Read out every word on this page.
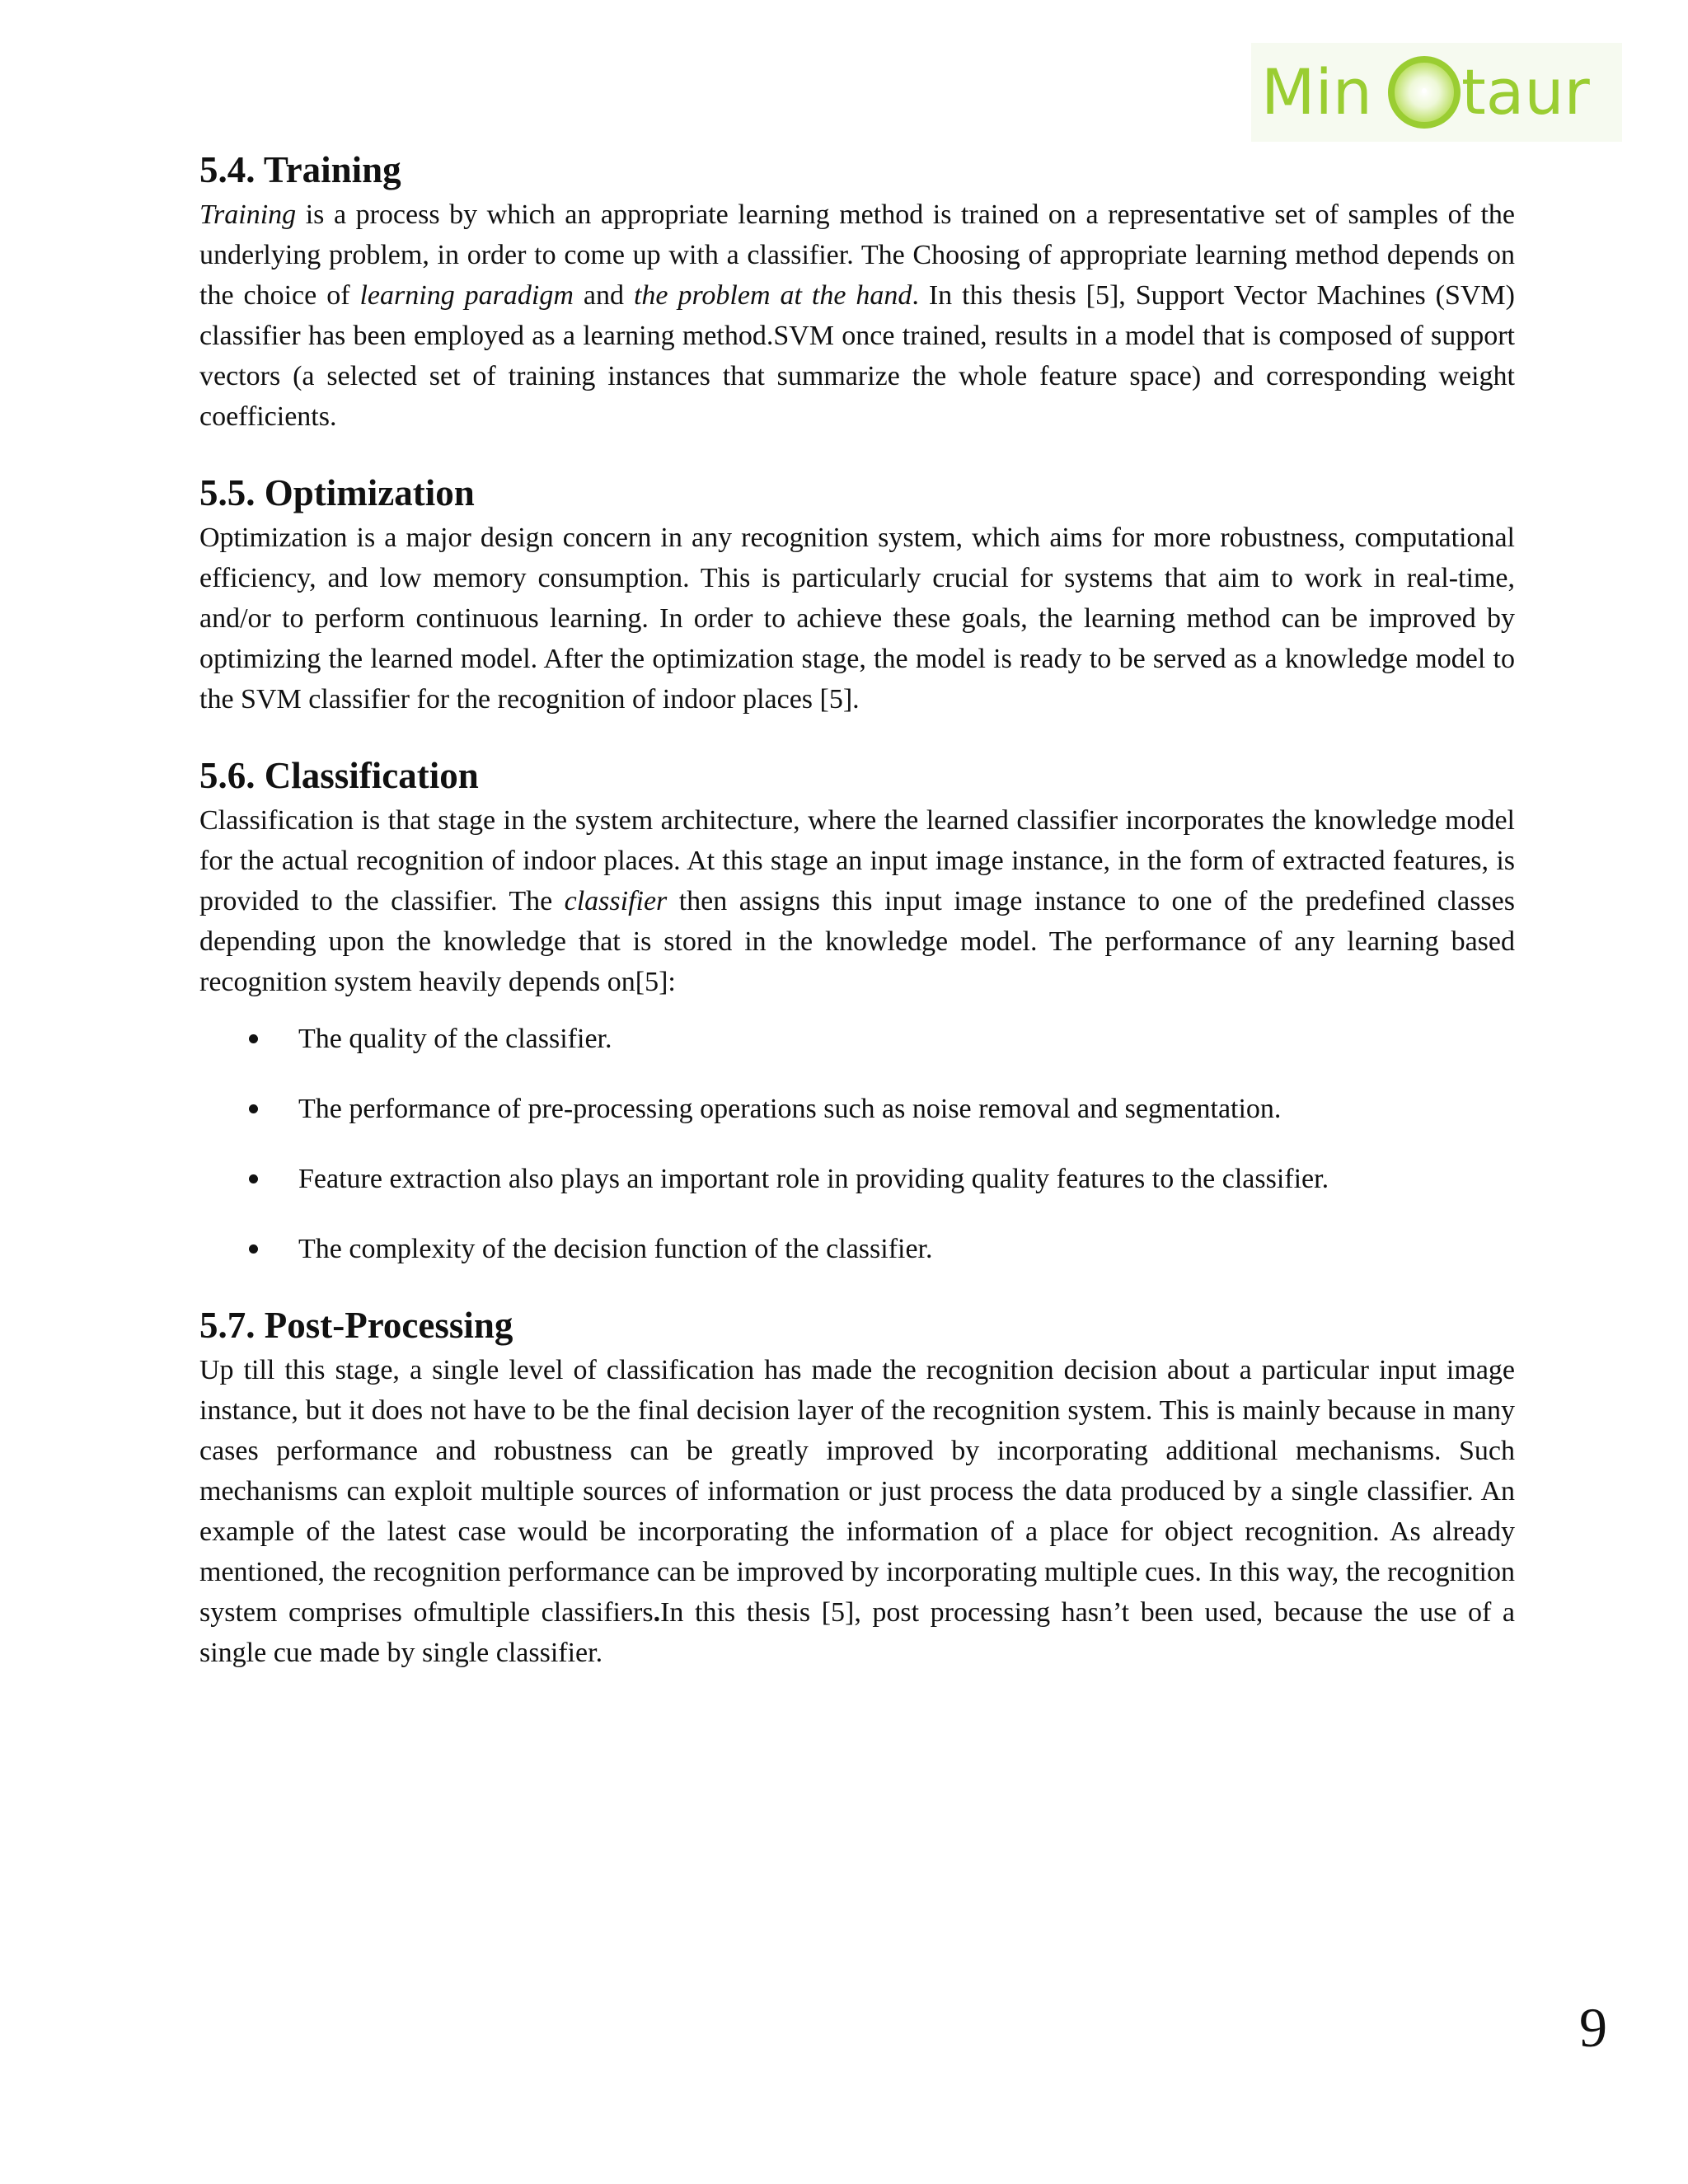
Min taur
5.4. Training

Training is a process by which an appropriate learning method is trained on a representative set of samples of the underlying problem, in order to come up with a classifier. The Choosing of appropriate learning method depends on the choice of learning paradigm and the problem at the hand. In this thesis [5], Support Vector Machines (SVM) classifier has been employed as a learning method.SVM once trained, results in a model that is composed of support vectors (a selected set of training instances that summarize the whole feature space) and corresponding weight coefficients.

5.5. Optimization

Optimization is a major design concern in any recognition system, which aims for more robustness, computational efficiency, and low memory consumption. This is particularly crucial for systems that aim to work in real-time, and/or to perform continuous learning. In order to achieve these goals, the learning method can be improved by optimizing the learned model. After the optimization stage, the model is ready to be served as a knowledge model to the SVM classifier for the recognition of indoor places [5].

5.6. Classification

Classification is that stage in the system architecture, where the learned classifier incorporates the knowledge model for the actual recognition of indoor places. At this stage an input image instance, in the form of extracted features, is provided to the classifier. The classifier then assigns this input image instance to one of the predefined classes depending upon the knowledge that is stored in the knowledge model. The performance of any learning based recognition system heavily depends on[5]:

The quality of the classifier.
The performance of pre-processing operations such as noise removal and segmentation.
Feature extraction also plays an important role in providing quality features to the classifier.
The complexity of the decision function of the classifier.
5.7. Post-Processing

Up till this stage, a single level of classification has made the recognition decision about a particular input image instance, but it does not have to be the final decision layer of the recognition system. This is mainly because in many cases performance and robustness can be greatly improved by incorporating additional mechanisms. Such mechanisms can exploit multiple sources of information or just process the data produced by a single classifier. An example of the latest case would be incorporating the information of a place for object recognition. As already mentioned, the recognition performance can be improved by incorporating multiple cues. In this way, the recognition system comprises ofmultiple classifiers.In this thesis [5], post processing hasn’t been used, because the use of a single cue made by single classifier.

9
